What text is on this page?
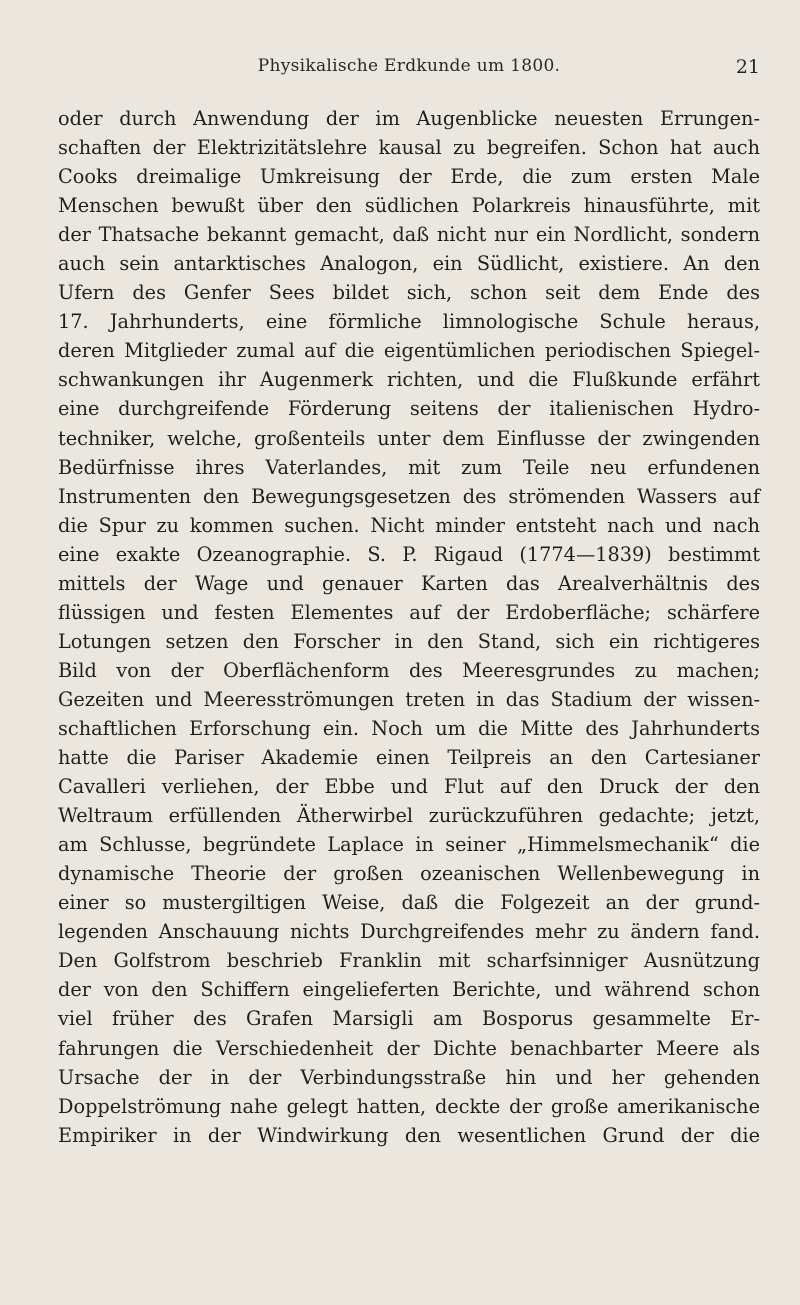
Physikalische Erdkunde um 1800.	21
oder durch Anwendung der im Augenblicke neuesten Errungen-
schaften der Elektrizitätslehre kausal zu begreifen. Schon hat auch
Cooks dreimalige Umkreisung der Erde, die zum ersten Male
Menschen bewußt über den südlichen Polarkreis hinausführte, mit
der Thatsache bekannt gemacht, daß nicht nur ein Nordlicht, sondern
auch sein antarktisches Analogon, ein Südlicht, existiere. An den
Ufern des Genfer Sees bildet sich, schon seit dem Ende des
17. Jahrhunderts, eine förmliche limnologische Schule heraus,
deren Mitglieder zumal auf die eigentümlichen periodischen Spiegel-
schwankungen ihr Augenmerk richten, und die Flußkunde erfährt
eine durchgreifende Förderung seitens der italienischen Hydro-
techniker, welche, großenteils unter dem Einflusse der zwingenden
Bedürfnisse ihres Vaterlandes, mit zum Teile neu erfundenen
Instrumenten den Bewegungsgesetzen des strömenden Wassers auf
die Spur zu kommen suchen. Nicht minder entsteht nach und nach
eine exakte Ozeanographie. S. P. Rigaud (1774—1839) bestimmt
mittels der Wage und genauer Karten das Arealverhältnis des
flüssigen und festen Elementes auf der Erdoberfläche; schärfere
Lotungen setzen den Forscher in den Stand, sich ein richtigeres
Bild von der Oberflächenform des Meeresgrundes zu machen;
Gezeiten und Meeresströmungen treten in das Stadium der wissen-
schaftlichen Erforschung ein. Noch um die Mitte des Jahrhunderts
hatte die Pariser Akademie einen Teilpreis an den Cartesianer
Cavalleri verliehen, der Ebbe und Flut auf den Druck der den
Weltraum erfüllenden Ätherwirbel zurückzuführen gedachte; jetzt,
am Schlusse, begründete Laplace in seiner „Himmelsmechanik“ die
dynamische Theorie der großen ozeanischen Wellenbewegung in
einer so mustergiltigen Weise, daß die Folgezeit an der grund-
legenden Anschauung nichts Durchgreifendes mehr zu ändern fand.
Den Golfstrom beschrieb Franklin mit scharfsinniger Ausnützung
der von den Schiffern eingelieferten Berichte, und während schon
viel früher des Grafen Marsigli am Bosporus gesammelte Er-
fahrungen die Verschiedenheit der Dichte benachbarter Meere als
Ursache der in der Verbindungsstraße hin und her gehenden
Doppelströmung nahe gelegt hatten, deckte der große amerikanische
Empiriker in der Windwirkung den wesentlichen Grund der die
